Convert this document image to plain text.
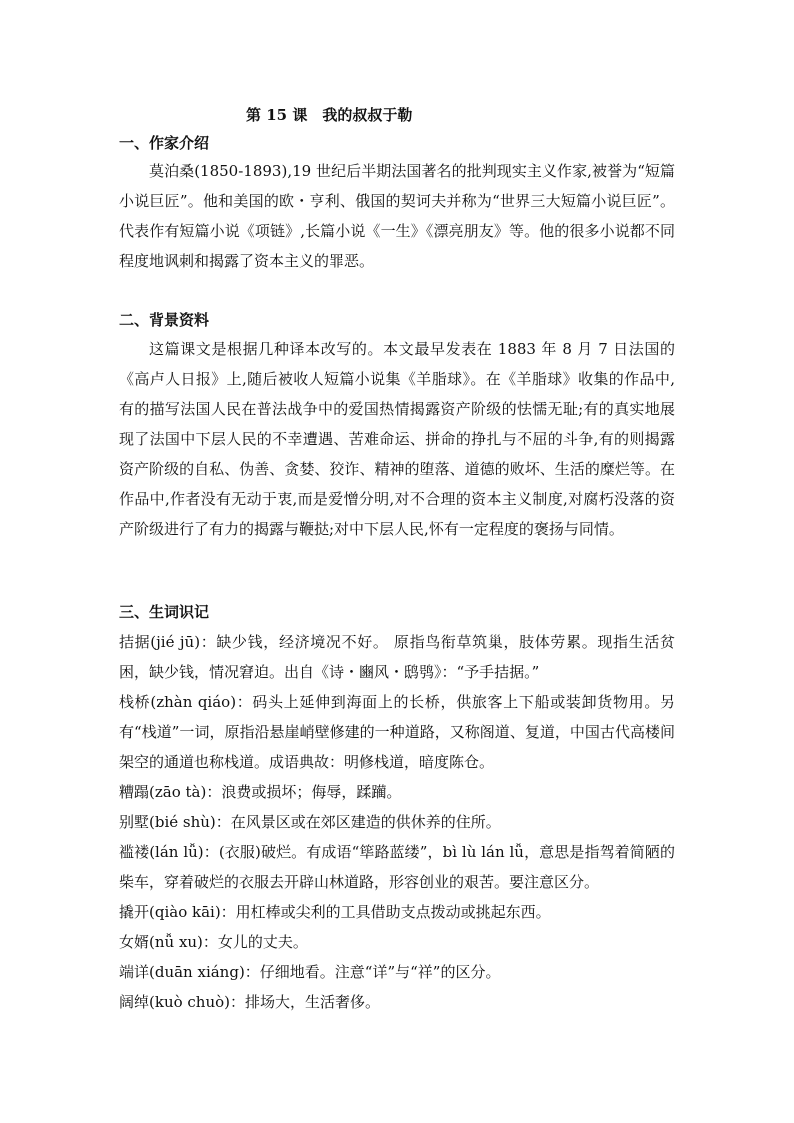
第 15 课　我的叔叔于勒
一、作家介绍
莫泊桑(1850-1893),19 世纪后半期法国著名的批判现实主义作家,被誉为“短篇小说巨匠”。他和美国的欧・亨利、俄国的契诃夫并称为“世界三大短篇小说巨匠”。代表作有短篇小说《项链》,长篇小说《一生》《漂亮朋友》等。他的很多小说都不同程度地讽刺和揭露了资本主义的罪恶。
二、背景资料
这篇课文是根据几种译本改写的。本文最早发表在 1883 年 8 月 7 日法国的《高卢人日报》上,随后被收人短篇小说集《羊脂球》。在《羊脂球》收集的作品中,有的描写法国人民在普法战争中的爱国热情揭露资产阶级的怯懦无耻;有的真实地展现了法国中下层人民的不幸遭遇、苦难命运、拼命的挣扎与不屈的斗争,有的则揭露资产阶级的自私、伪善、贪婪、狡诈、精神的堕落、道德的败坏、生活的糜烂等。在作品中,作者没有无动于衷,而是爱憎分明,对不合理的资本主义制度,对腐朽没落的资产阶级进行了有力的揭露与鞭挞;对中下层人民,怀有一定程度的褒扬与同情。
三、生词识记
拮据(jié jū)：缺少钱，经济境况不好。 原指鸟衔草筑巢，肢体劳累。现指生活贫困，缺少钱，情况窘迫。出自《诗・豳风・鸱鸮》：“予手拮据。”
栈桥(zhàn qiáo)：码头上延伸到海面上的长桥，供旅客上下船或装卸货物用。另有“栈道”一词，原指沿悬崖峭壁修建的一种道路，又称阁道、复道，中国古代高楼间架空的通道也称栈道。成语典故：明修栈道，暗度陈仓。
糟蹋(zāo tà)：浪费或损坏；侮辱，蹂躏。
别墅(bié shù)：在风景区或在郊区建造的供休养的住所。
褴褛(lán lǚ)：(衣服)破烂。有成语“筚路蓝缕”，bì lù lán lǚ，意思是指驾着简陋的柴车，穿着破烂的衣服去开辟山林道路，形容创业的艰苦。要注意区分。
撬开(qiào kāi)：用杠棒或尖利的工具借助支点拨动或挑起东西。
女婿(nǚ xu)：女儿的丈夫。
端详(duān xiáng)：仔细地看。注意“详”与“祥”的区分。
阔绰(kuò chuò)：排场大，生活奢侈。
